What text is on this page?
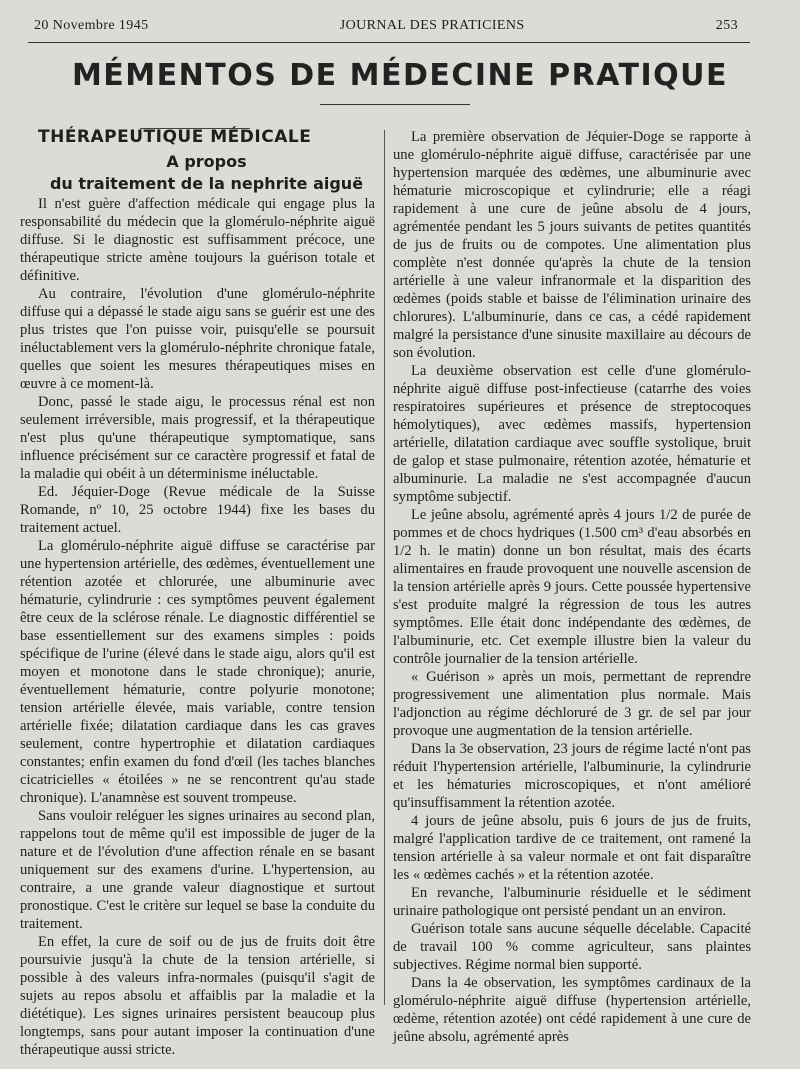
20 Novembre 1945	JOURNAL DES PRATICIENS	253
MÉMENTOS DE MÉDECINE PRATIQUE

THÉRAPEUTIQUE MÉDICALE

A propos
du traitement de la nephrite aiguë

Il n'est guère d'affection médicale qui engage plus la responsabilité du médecin que la glomérulo-néphrite aiguë diffuse. Si le diagnostic est suffisamment précoce, une thérapeutique stricte amène toujours la guérison totale et définitive.

Au contraire, l'évolution d'une glomérulo-néphrite diffuse qui a dépassé le stade aigu sans se guérir est une des plus tristes que l'on puisse voir, puisqu'elle se poursuit inéluctablement vers la glomérulo-néphrite chronique fatale, quelles que soient les mesures thérapeutiques mises en œuvre à ce moment-là.

Donc, passé le stade aigu, le processus rénal est non seulement irréversible, mais progressif, et la thérapeutique n'est plus qu'une thérapeutique symptomatique, sans influence précisément sur ce caractère progressif et fatal de la maladie qui obéit à un déterminisme inéluctable.

Ed. Jéquier-Doge (Revue médicale de la Suisse Romande, nº 10, 25 octobre 1944) fixe les bases du traitement actuel.

La glomérulo-néphrite aiguë diffuse se caractérise par une hypertension artérielle, des œdèmes, éventuellement une rétention azotée et chlorurée, une albuminurie avec hématurie, cylindrurie : ces symptômes peuvent également être ceux de la sclérose rénale. Le diagnostic différentiel se base essentiellement sur des examens simples : poids spécifique de l'urine (élevé dans le stade aigu, alors qu'il est moyen et monotone dans le stade chronique); anurie, éventuellement hématurie, contre polyurie monotone; tension artérielle élevée, mais variable, contre tension artérielle fixée; dilatation cardiaque dans les cas graves seulement, contre hypertrophie et dilatation cardiaques constantes; enfin examen du fond d'œil (les taches blanches cicatricielles « étoilées » ne se rencontrent qu'au stade chronique). L'anamnèse est souvent trompeuse.

Sans vouloir reléguer les signes urinaires au second plan, rappelons tout de même qu'il est impossible de juger de la nature et de l'évolution d'une affection rénale en se basant uniquement sur des examens d'urine. L'hypertension, au contraire, a une grande valeur diagnostique et surtout pronostique. C'est le critère sur lequel se base la conduite du traitement.

En effet, la cure de soif ou de jus de fruits doit être poursuivie jusqu'à la chute de la tension artérielle, si possible à des valeurs infra-normales (puisqu'il s'agit de sujets au repos absolu et affaiblis par la maladie et la diététique). Les signes urinaires persistent beaucoup plus longtemps, sans pour autant imposer la continuation d'une thérapeutique aussi stricte.

La première observation de Jéquier-Doge se rapporte à une glomérulo-néphrite aiguë diffuse, caractérisée par une hypertension marquée des œdèmes, une albuminurie avec hématurie microscopique et cylindrurie; elle a réagi rapidement à une cure de jeûne absolu de 4 jours, agrémentée pendant les 5 jours suivants de petites quantités de jus de fruits ou de compotes. Une alimentation plus complète n'est donnée qu'après la chute de la tension artérielle à une valeur infranormale et la disparition des œdèmes (poids stable et baisse de l'élimination urinaire des chlorures). L'albuminurie, dans ce cas, a cédé rapidement malgré la persistance d'une sinusite maxillaire au décours de son évolution.

La deuxième observation est celle d'une glomérulo-néphrite aiguë diffuse post-infectieuse (catarrhe des voies respiratoires supérieures et présence de streptocoques hémolytiques), avec œdèmes massifs, hypertension artérielle, dilatation cardiaque avec souffle systolique, bruit de galop et stase pulmonaire, rétention azotée, hématurie et albuminurie. La maladie ne s'est accompagnée d'aucun symptôme subjectif.

Le jeûne absolu, agrémenté après 4 jours 1/2 de purée de pommes et de chocs hydriques (1.500 cm³ d'eau absorbés en 1/2 h. le matin) donne un bon résultat, mais des écarts alimentaires en fraude provoquent une nouvelle ascension de la tension artérielle après 9 jours. Cette poussée hypertensive s'est produite malgré la régression de tous les autres symptômes. Elle était donc indépendante des œdèmes, de l'albuminurie, etc. Cet exemple illustre bien la valeur du contrôle journalier de la tension artérielle.

« Guérison » après un mois, permettant de reprendre progressivement une alimentation plus normale. Mais l'adjonction au régime déchloruré de 3 gr. de sel par jour provoque une augmentation de la tension artérielle.

Dans la 3e observation, 23 jours de régime lacté n'ont pas réduit l'hypertension artérielle, l'albuminurie, la cylindrurie et les hématuries microscopiques, et n'ont amélioré qu'insuffisamment la rétention azotée.

4 jours de jeûne absolu, puis 6 jours de jus de fruits, malgré l'application tardive de ce traitement, ont ramené la tension artérielle à sa valeur normale et ont fait disparaître les « œdèmes cachés » et la rétention azotée.

En revanche, l'albuminurie résiduelle et le sédiment urinaire pathologique ont persisté pendant un an environ.

Guérison totale sans aucune séquelle décelable. Capacité de travail 100 % comme agriculteur, sans plaintes subjectives. Régime normal bien supporté.

Dans la 4e observation, les symptômes cardinaux de la glomérulo-néphrite aiguë diffuse (hypertension artérielle, œdème, rétention azotée) ont cédé rapidement à une cure de jeûne absolu, agrémenté après
